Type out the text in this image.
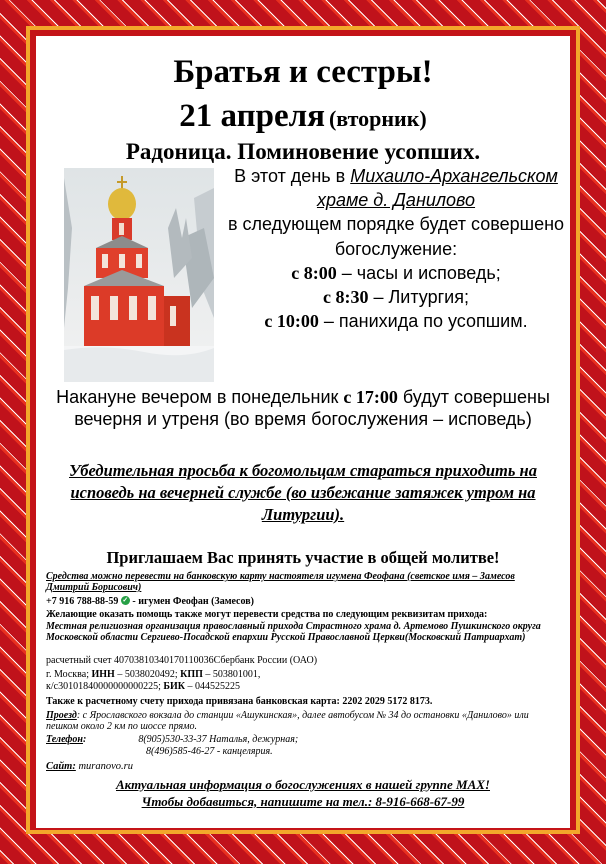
Братья и сестры!
21 апреля (вторник)
Радоница. Поминовение усопших.
В этот день в Михаило-Архангельском храме д. Данилово
в следующем порядке будет совершено богослужение:
с 8:00 – часы и исповедь;
с 8:30 – Литургия;
с 10:00 – панихида по усопшим.
Накануне вечером в понедельник с 17:00 будут совершены вечерня и утреня (во время богослужения – исповедь)
Убедительная просьба к богомольцам стараться приходить на исповедь на вечерней службе (во избежание затяжек утром на Литургии).
Приглашаем Вас принять участие в общей молитве!
Средства можно перевести на банковскую карту настоятеля игумена Феофана (светское имя – Замесов Дмитрий Борисович)
+7 916 788-88-59 ✓ - игумен Феофан (Замесов)
Желающие оказать помощь также могут перевести средства по следующим реквизитам прихода:
Местная религиозная организация православный прихода Страстного храма д. Артемово Пушкинского округа Московской области Сергиево-Посадской епархии Русской Православной Церкви(Московский Патриархат)
расчетный счет 40703810340170110036Сбербанк России (ОАО)
г. Москва; ИНН – 5038020492; КПП – 503801001,
к/с30101840000000000225; БИК – 044525225
Также к расчетному счету прихода привязана банковская карта: 2202 2029 5172 8173.
Проезд: с Ярославского вокзала до станции «Ашукинская», далее автобусом № 34 до остановки «Данилово» или пешком около 2 км по шоссе прямо.
Телефон:	8(905)530-33-37 Наталья, дежурная;
8(496)585-46-27 - канцелярия.
Сайт: muranovo.ru
Актуальная информация о богослужениях в нашей группе МАХ!
Чтобы добавиться, напишите на тел.: 8-916-668-67-99
